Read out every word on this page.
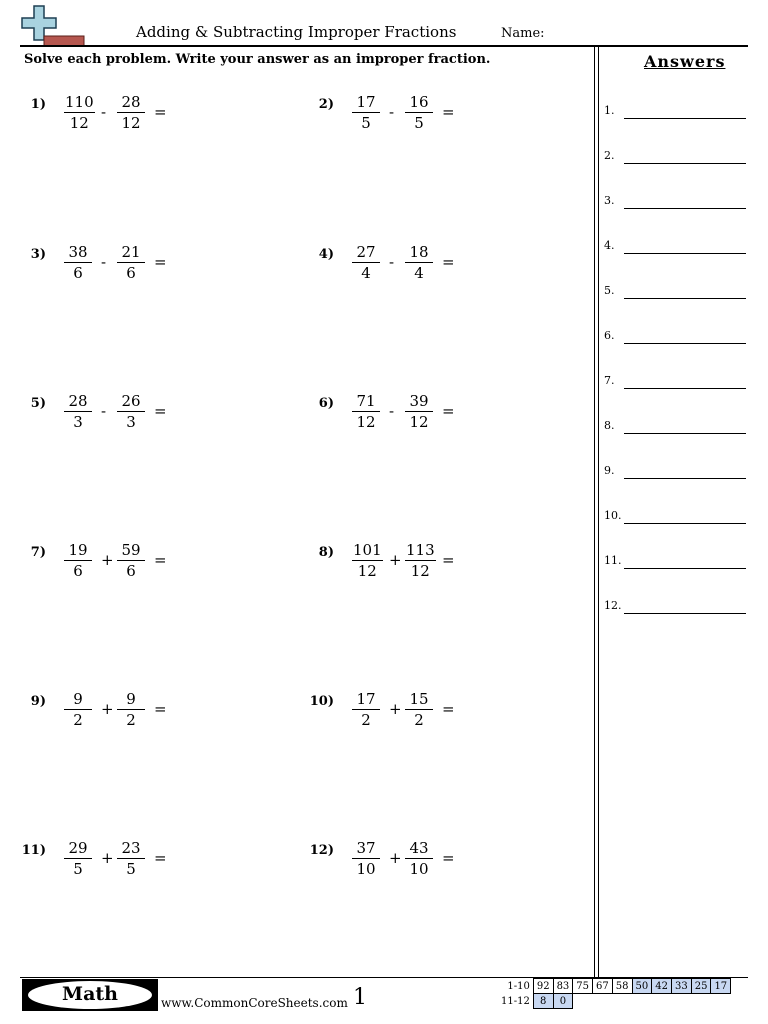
Adding & Subtracting Improper Fractions	Name:
Solve each problem. Write your answer as an improper fraction.
1) 110
12
-
28
12
=	2) 17
5
-
16
5
=
3) 38
6
-
21
6
=	4) 27
4
-
18
4
=
5) 28
3
-
26
3
=	6) 71
12
-
39
12
=
7) 19
6
+
59
6
=	8) 101
12
+
113
12
=
9)	9
2
+
9
2
=	10) 17
2
+
15
2
=
11) 29
5
+
23
5
=	12) 37
10
+
43
10
=
Answers
1.
2.
3.
4.
5.
6.
7.
8.
9.
10.
11.
12.
Math	www.CommonCoreSheets.com 1	1-10	92	83	75	67	58	50	42	33	25	17
11-12	8	0								
